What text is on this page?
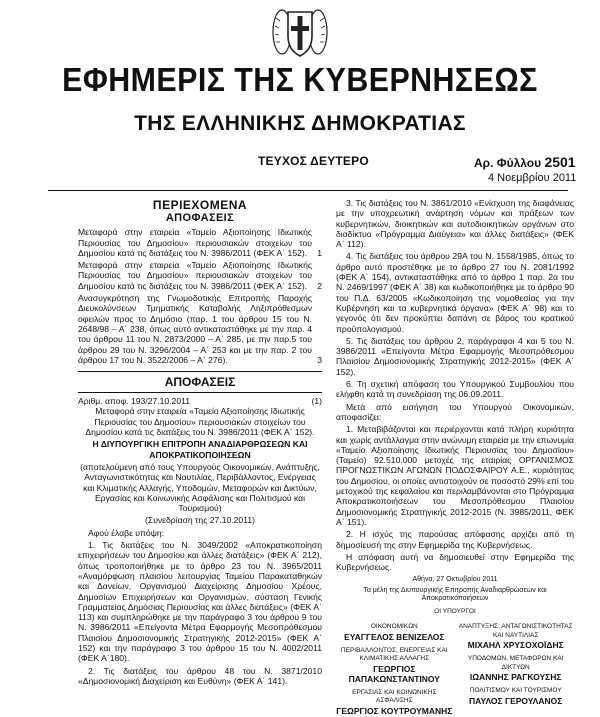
ΕΦΗΜΕΡΙΣ ΤΗΣ ΚΥΒΕΡΝΗΣΕΩΣ
ΤΗΣ ΕΛΛΗΝΙΚΗΣ ΔΗΜΟΚΡΑΤΙΑΣ
ΤΕΥΧΟΣ ΔΕΥΤΕΡΟ	Αρ. Φύλλου 2501
4 Νοεμβρίου 2011
ΠΕΡΙΕΧΟΜΕΝΑ
ΑΠΟΦΑΣΕΙΣ
Μεταφορά στην εταιρεία «Ταμείο Αξιοποίησης Ιδιωτικής Περιουσίας του Δημοσίου» περιουσιακών στοιχείων του Δημοσίου κατά τις διατάξεις του Ν. 3986/2011 (ΦΕΚ Α΄ 152).	1
Μεταφορά στην εταιρεία «Ταμείο Αξιοποίησης Ιδιωτικής Περιουσίας του Δημοσίου» περιουσιακών στοιχείων του Δημοσίου κατά τις διατάξεις του Ν. 3986/2011 (ΦΕΚ Α΄ 152).	2
Ανασυγκρότηση της Γνωμοδοτικής Επιτροπής Παροχής Διευκολύνσεων Τμηματικής Καταβολής Ληξιπρόθεσμων οφειλών προς το Δημόσιο (παρ. 1 του άρθρου 15 του Ν. 2648/98 – Α΄ 238, όπως αυτό αντικαταστάθηκε με την παρ. 4 του άρθρου 11 του Ν. 2873/2000 – Α΄ 285, με την παρ.5 του άρθρου 29 του Ν. 3296/2004 – Α΄ 253 και με την παρ. 2 του άρθρου 17 του Ν. 3522/2006 – Α΄ 276).	3
ΑΠΟΦΑΣΕΙΣ
Αριθμ. αποφ. 193/27.10.2011	(1)

Μεταφορά στην εταιρεία «Ταμείο Αξιοποίησης Ιδιωτικής Περιουσίας του Δημοσίου» περιουσιακών στοιχείων του Δημοσίου κατά τις διατάξεις του Ν. 3986/2011 (ΦΕΚ Α΄ 152).

Η ΔΙΥΠΟΥΡΓΙΚΗ ΕΠΙΤΡΟΠΗ ΑΝΑΔΙΑΡΘΡΩΣΕΩΝ ΚΑΙ ΑΠΟΚΡΑΤΙΚΟΠΟΙΗΣΕΩΝ

(αποτελούμενη από τους Υπουργούς Οικονομικών, Ανάπτυξης, Ανταγωνιστικότητας και Ναυτιλίας, Περιβάλλοντος, Ενέργειας και Κλιματικής Αλλαγής, Υποδομών, Μεταφορών και Δικτύων, Εργασίας και Κοινωνικής Ασφάλισης και Πολιτισμού και Τουρισμού)

(Συνεδρίαση της 27.10.2011)

Αφού έλαβε υπόψη:

1. Τις διατάξεις του Ν. 3049/2002 «Αποκρατικοποίηση επιχειρήσεων του Δημοσίου και άλλες διατάξεις» (ΦΕΚ Α΄ 212), όπως τροποποιήθηκε με το άρθρο 23 του Ν. 3965/2011 «Αναμόρφωση πλαισίου λειτουργίας Ταμείου Παρακαταθηκών και Δανείων, Οργανισμού Διαχείρισης Δημοσίου Χρέους, Δημοσίων Επιχειρήσεων και Οργανισμών, σύσταση Γενικής Γραμματείας Δημόσιας Περιουσίας και άλλες διατάξεις» (ΦΕΚ Α΄ 113) και συμπληρώθηκε με την παράγραφο 3 του άρθρου 9 του Ν. 3986/2011 «Επείγοντα Μέτρα Εφαρμογής Μεσοπρόθεσμου Πλαισίου Δημοσιονομικής Στρατηγικής 2012-2015» (ΦΕΚ Α΄ 152) και την παράγραφο 3 του άρθρου 15 του Ν. 4002/2011 (ΦΕΚ Α΄180).

2. Τις διατάξεις του άρθρου 48 του Ν. 3871/2010 «Δημοσιονομική Διαχείριση και Ευθύνη» (ΦΕΚ Α΄ 141).

3. Τις διατάξεις του Ν. 3861/2010 «Ενίσχυση της διαφάνειας με την υποχρεωτική ανάρτηση νόμων και πράξεων των κυβερνητικών, διοικητικών και αυτοδιοικητικών οργάνων στο διαδίκτυο «Πρόγραμμα Διαύγεια» και άλλες διατάξεις» (ΦΕΚ Α΄ 112).

4. Τις διατάξεις του άρθρου 29Α του Ν. 1558/1985, όπως το άρθρο αυτό προστέθηκε με το άρθρο 27 του Ν. 2081/1992 (ΦΕΚ Α΄ 154), αντικαταστάθηκε από το άρθρο 1 παρ. 2α του Ν. 2469/1997 (ΦΕΚ Α΄ 38) και κωδικοποιήθηκε με το άρθρο 90 του Π.Δ. 63/2005 «Κωδικοποίηση της νομοθεσίας για την Κυβέρνηση και τα κυβερνητικά όργανα» (ΦΕΚ Α΄ 98) και το γεγονός ότι δεν προκύπτει δαπάνη σε βάρος του κρατικού προϋπολογισμού.

5. Τις διατάξεις του άρθρου 2, παράγραφοι 4 και 5 του Ν. 3986/2011 «Επείγοντα Μέτρα Εφαρμογής Μεσοπρόθεσμου Πλαισίου Δημοσιονομικής Στρατηγικής 2012-2015» (ΦΕΚ Α΄ 152).

6. Τη σχετική απόφαση του Υπουργικού Συμβουλίου που ελήφθη κατά τη συνεδρίαση της 06.09.2011.

Μετά από εισήγηση του Υπουργού Οικονομικών, αποφασίζει:

1. Μεταβιβάζονται και περιέρχονται κατά πλήρη κυριότητα και χωρίς αντάλλαγμα στην ανώνυμη εταιρεία με την επωνυμία «Ταμείο Αξιοποίησης Ιδιωτικής Περιουσίας του Δημοσίου» (Ταμείο) 92.510.000 μετοχές της εταιρίας ΟΡΓΑΝΙΣΜΟΣ ΠΡΟΓΝΩΣΤΙΚΩΝ ΑΓΩΝΩΝ ΠΟΔΟΣΦΑΙΡΟΥ Α.Ε., κυριότητας του Δημοσίου, οι οποίες αντιστοιχούν σε ποσοστό 29% επί του μετοχικού της κεφαλαίου και περιλαμβάνονται στο Πρόγραμμα Αποκρατικοποιήσεων του Μεσοπρόθεσμου Πλαισίου Δημοσιονομικής Στρατηγικής 2012-2015 (Ν. 3985/2011, ΦΕΚ Α΄ 151).

2. Η ισχύς της παρούσας απόφασης αρχίζει από τη δημοσίευσή της στην Εφημερίδα της Κυβερνήσεως.

Η απόφαση αυτή να δημοσιευθεί στην Εφημερίδα της Κυβερνήσεως.

Αθήνα, 27 Οκτωβρίου 2011

Τα μέλη της Διυπουργικής Επιτροπής Αναδιαρθρώσεων και Αποκρατικοποιήσεων

ΟΙ ΥΠΟΥΡΓΟΙ
ΟΙΚΟΝΟΜΙΚΩΝ
ΕΥΑΓΓΕΛΟΣ ΒΕΝΙΖΕΛΟΣ
ΠΕΡΙΒΑΛΛΟΝΤΟΣ, ΕΝΕΡΓΕΙΑΣ ΚΑΙ ΚΛΙΜΑΤΙΚΗΣ ΑΛΛΑΓΗΣ
ΓΕΩΡΓΙΟΣ ΠΑΠΑΚΩΝΣΤΑΝΤΙΝΟΥ
ΕΡΓΑΣΙΑΣ ΚΑΙ ΚΟΙΝΩΝΙΚΗΣ ΑΣΦΑΛΙΣΗΣ
ΓΕΩΡΓΙΟΣ ΚΟΥΤΡΟΥΜΑΝΗΣ
ΑΝΑΠΤΥΞΗΣ, ΑΝΤΑΓΩΝΙΣΤΙΚΟΤΗΤΑΣ ΚΑΙ ΝΑΥΤΙΛΙΑΣ
ΜΙΧΑΗΛ ΧΡΥΣΟΧΟΪΔΗΣ
ΥΠΟΔΟΜΩΝ, ΜΕΤΑΦΟΡΩΝ ΚΑΙ ΔΙΚΤΥΩΝ
ΙΩΑΝΝΗΣ ΡΑΓΚΟΥΣΗΣ
ΠΟΛΙΤΙΣΜΟΥ ΚΑΙ ΤΟΥΡΙΣΜΟΥ
ΠΑΥΛΟΣ ΓΕΡΟΥΛΑΝΟΣ
